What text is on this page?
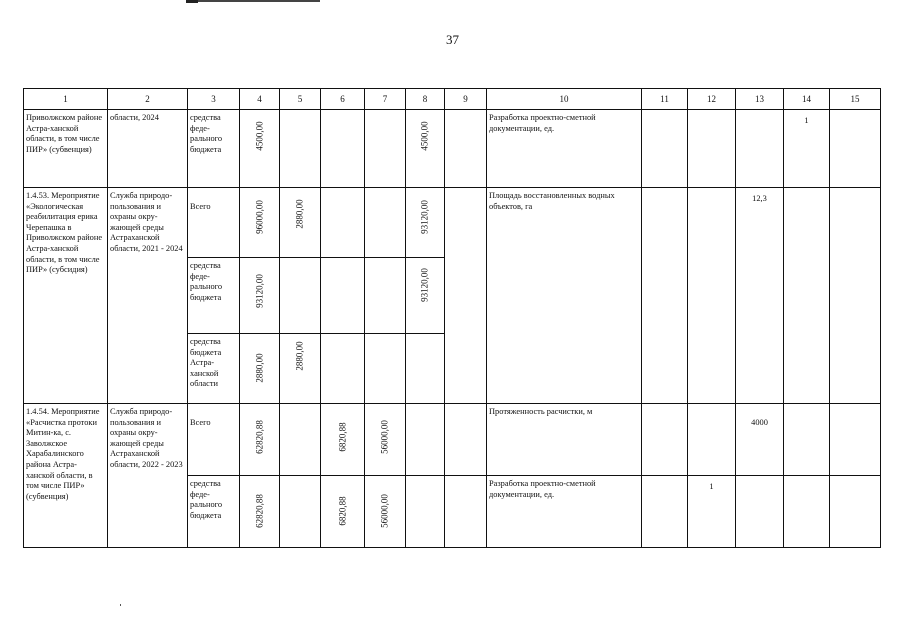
37
1	2	3	4	5	6	7	8	9	10	11	12	13	14	15

Приволжском районе Астра-ханской области, в том числе ПИР» (субвенция)	области, 2024	средства феде-рального бюджета	4500,00				4500,00		Разработка проектно-сметной документации, ед.				1	

1.4.53. Мероприятие «Экологическая реабилитация ерика Черепашка в Приволжском районе Астра-ханской области, в том числе ПИР» (субсидия)	Служба природо-пользования и охраны окру-жающей среды Астраханской области, 2021 - 2024	Всего	96000,00	2880,00			93120,00		Площадь восстановленных водных объектов, га			12,3		

		средства феде-рального бюджета	93120,00				93120,00							

		средства бюджета Астра-ханской области	2880,00	2880,00										

1.4.54. Мероприятие «Расчистка протоки Митин-ка, с. Заволжское Харабалинского района Астра-ханской области, в том числе ПИР» (субвенция)	Служба природо-пользования и охраны окру-жающей среды Астраханской области, 2022 - 2023	Всего	62820,88		6820,88	56000,00			Протяженность расчистки, м			4000		

		средства феде-рального бюджета	62820,88		6820,88	56000,00			Разработка проектно-сметной документации, ед.		1			
